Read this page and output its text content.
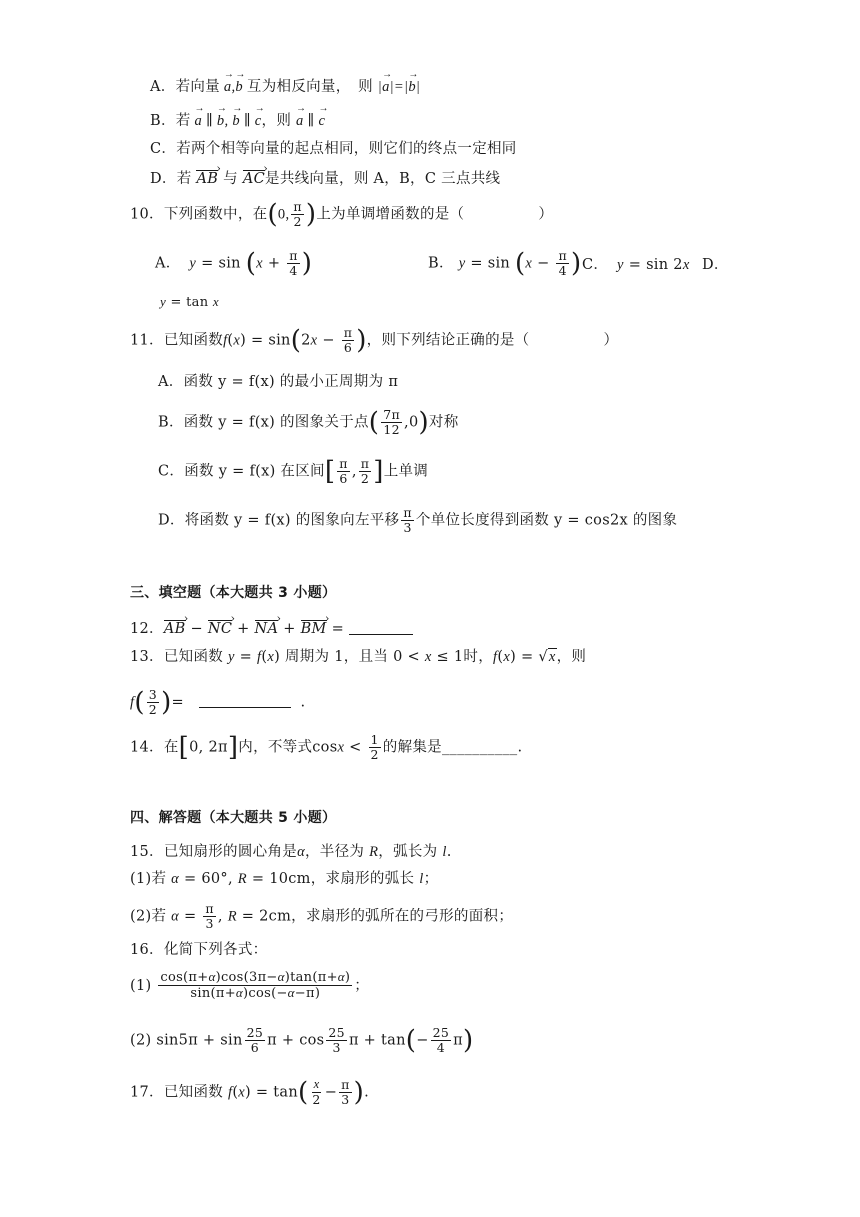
A．若向量 → a,→ b 互为相反向量，　则 |→ a|=|→ b|
B．若 → a ∥ → b, → b ∥ → c，则 → a ∥ → c
C．若两个相等向量的起点相同，则它们的终点一定相同
D．若 AB › 与 AC ›是共线向量，则 A，B，C 三点共线
10．下列函数中，在(0, $\frac{\pi}{2}$ )上为单调增函数的是（　　　　　）
A．  $y = \sin (x + \frac{\pi}{4}$ )	B． $y = \sin (x - \frac{\pi}{4}$ ) C．  y = sin 2x D．
y = tan x
11．已知函数$f(x) = \sin(2x - \frac{\pi}{6}$ )，则下列结论正确的是（　　　　　）
A．函数 y = f(x) 的最小正周期为 π
B．函数 y = f(x) 的图象关于点( $\frac{7\pi}{12} ,0$)对称
C．函数 y = f(x) 在区间[ $\frac{\pi}{6}$ , $\frac{\pi}{2}$ ]上单调
D．将函数 y = f(x) 的图象向左平移 $\frac{\pi}{3}$ 个单位长度得到函数 y = cos2x 的图象
三、填空题（本大题共 3 小题）
12．AB › − NC › + NA › + BM › =
13．已知函数 y = f(x) 周期为 1，且当 0 < x ≤ 1时，f(x) = √x，则
$f( \frac{3}{2}$ )=	.
14．在[0, 2π]内，不等式$\cos x < \frac{1}{2}$ 的解集是__________.
四、解答题（本大题共 5 小题）
15．已知扇形的圆心角是α，半径为 R，弧长为 l.
(1)若 α = 60°, R = 10cm，求扇形的弧长 l；
(2)若 $\alpha = \frac{\pi}{3}$ , R = 2cm，求扇形的弧所在的弓形的面积；
16．化简下列各式：
$(1) \frac{\cos(\pi+\alpha)\cos(3\pi-\alpha)\tan(\pi+\alpha)}{\sin(\pi+\alpha)\cos(-\alpha-\pi)}$ ；
(2) $\sin 5\pi + \sin \frac{25}{6}$ $\pi + \cos \frac{25}{3}$ $\pi + \tan(- \frac{25}{4} \pi)$
17．已知函数 $f(x) = \tan( \frac{x}{2} - \frac{\pi}{3}$ ).
